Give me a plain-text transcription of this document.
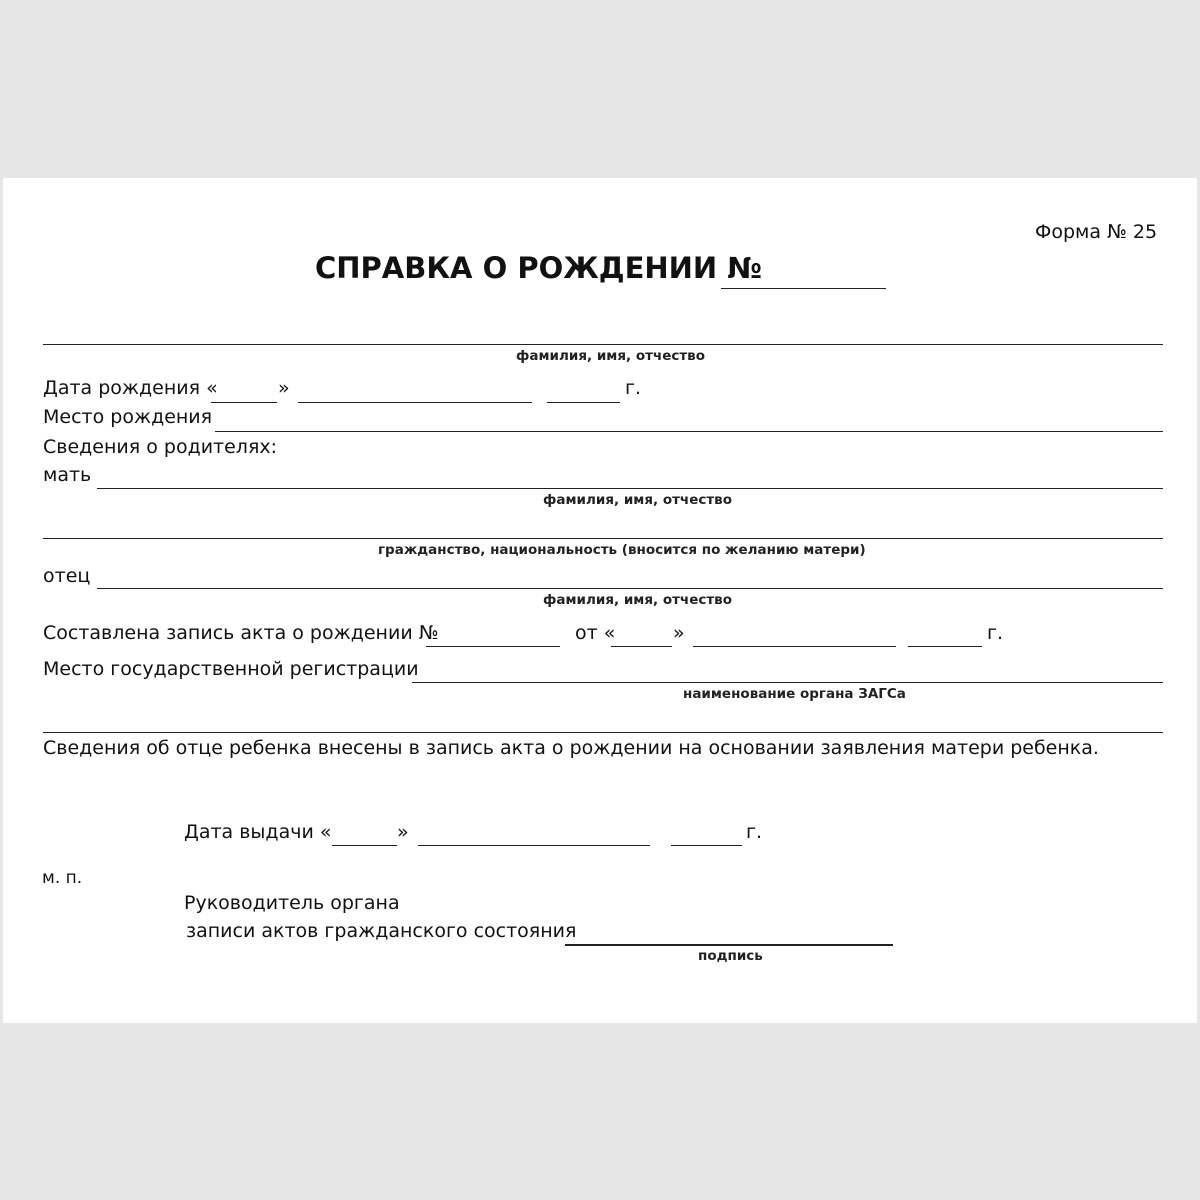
Форма № 25
СПРАВКА О РОЖДЕНИИ №
фамилия, имя, отчество
Дата рождения «	»	г.
Место рождения
Сведения о родителях:
мать
фамилия, имя, отчество
гражданство, национальность (вносится по желанию матери)
отец
фамилия, имя, отчество
Составлена запись акта о рождении №	от «	»	г.
Место государственной регистрации
наименование органа ЗАГСа
Сведения об отце ребенка внесены в запись акта о рождении на основании заявления матери ребенка.
Дата выдачи «	»	г.
м. п.
Руководитель органа
записи актов гражданского состояния
подпись
